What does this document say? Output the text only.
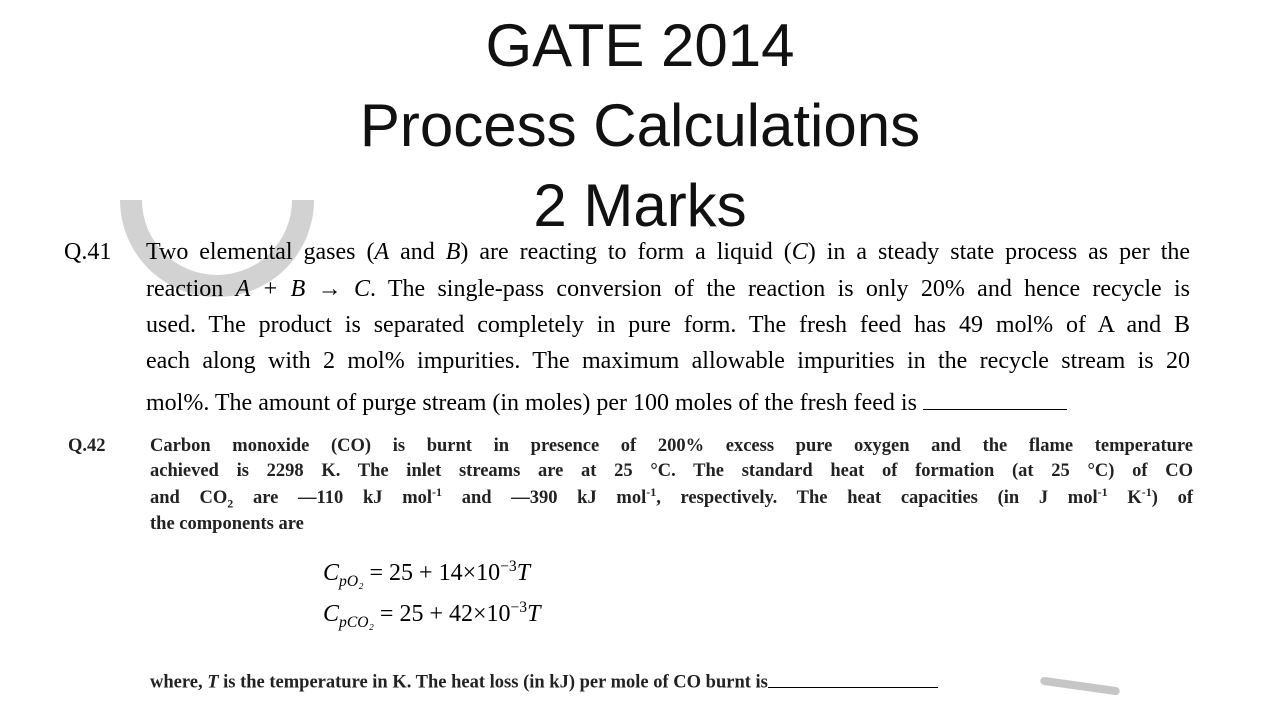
GATE 2014
Process Calculations
2 Marks
Q.41 Two elemental gases (A and B) are reacting to form a liquid (C) in a steady state process as per the
reaction A + B → C. The single-pass conversion of the reaction is only 20% and hence recycle is
used. The product is separated completely in pure form. The fresh feed has 49 mol% of A and B
each along with 2 mol% impurities. The maximum allowable impurities in the recycle stream is 20
mol%. The amount of purge stream (in moles) per 100 moles of the fresh feed is
Q.42 Carbon monoxide (CO) is burnt in presence of 200% excess pure oxygen and the flame temperature
achieved is 2298 K. The inlet streams are at 25 °C. The standard heat of formation (at 25 °C) of CO
and $CO_2$ are —110 kJ mol$^{-1}$ and —390 kJ mol$^{-1}$, respectively. The heat capacities (in J mol$^{-1}$ $K^{-1}$) of
the components are
where, T is the temperature in K. The heat loss (in kJ) per mole of CO burnt is
$C_{pO_2} = 25 + 14\times 10^{-3}T$
$C_{pCO_2} = 25 + 42\times 10^{-3}T$
